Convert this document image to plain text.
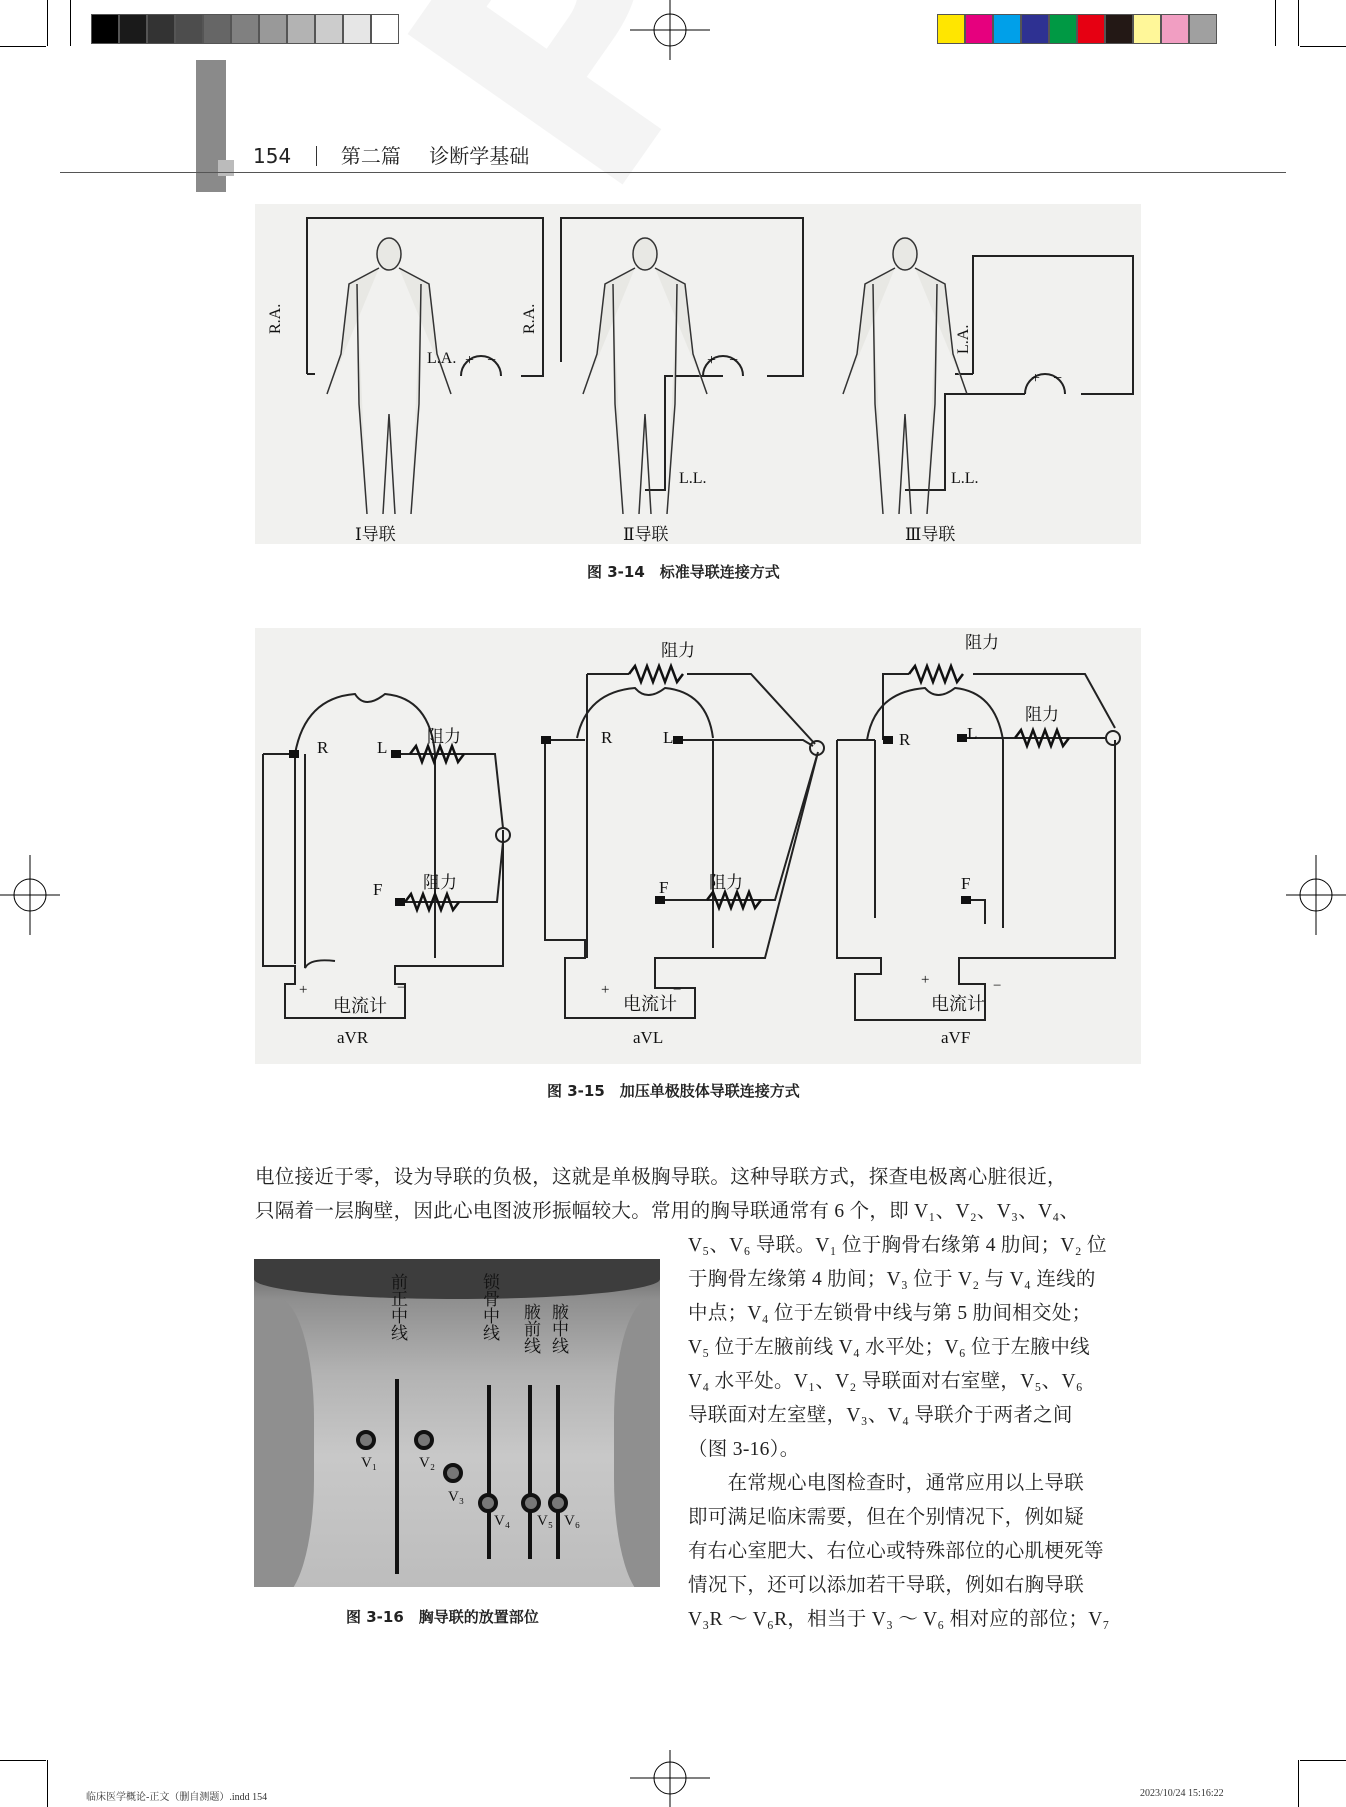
154 第二篇 诊断学基础
R.A.
L.A. + −
Ⅰ导联
R.A.
+ −
L.L.
Ⅱ导联
L.A.
+ −
L.L.
Ⅲ导联
图 3-14　标准导联连接方式
R	L
F
阻力
阻力
+	−
电流计
aVR
R	L
F
阻力
阻力
+	−
电流计
aVL
R	L
F
阻力
阻力
+	−
电流计
aVF
图 3-15　加压单极肢体导联连接方式
电位接近于零，设为导联的负极，这就是单极胸导联。这种导联方式，探查电极离心脏很近，
只隔着一层胸壁，因此心电图波形振幅较大。常用的胸导联通常有 6 个，即 V₁、V₂、V₃、V₄、
前正中线	锁骨中线 腋前线 腋中线
V₁	V₂
V₃
V₄ V₅ V₆
图 3-16　胸导联的放置部位
V₅、V₆ 导联。V₁ 位于胸骨右缘第 4 肋间；V₂ 位
于胸骨左缘第 4 肋间；V₃ 位于 V₂ 与 V₄ 连线的
中点；V₄ 位于左锁骨中线与第 5 肋间相交处；
V₅ 位于左腋前线 V₄ 水平处；V₆ 位于左腋中线
V₄ 水平处。V₁、V₂ 导联面对右室壁，V₅、V₆
导联面对左室壁，V₃、V₄ 导联介于两者之间
（图 3-16）。
　　在常规心电图检查时，通常应用以上导联
即可满足临床需要，但在个别情况下，例如疑
有右心室肥大、右位心或特殊部位的心肌梗死等
情况下，还可以添加若干导联，例如右胸导联
V₃R ～ V₆R，相当于 V₃ ～ V₆ 相对应的部位；V₇
临床医学概论-正文（删自测题）.indd 154	2023/10/24 15:16:22
